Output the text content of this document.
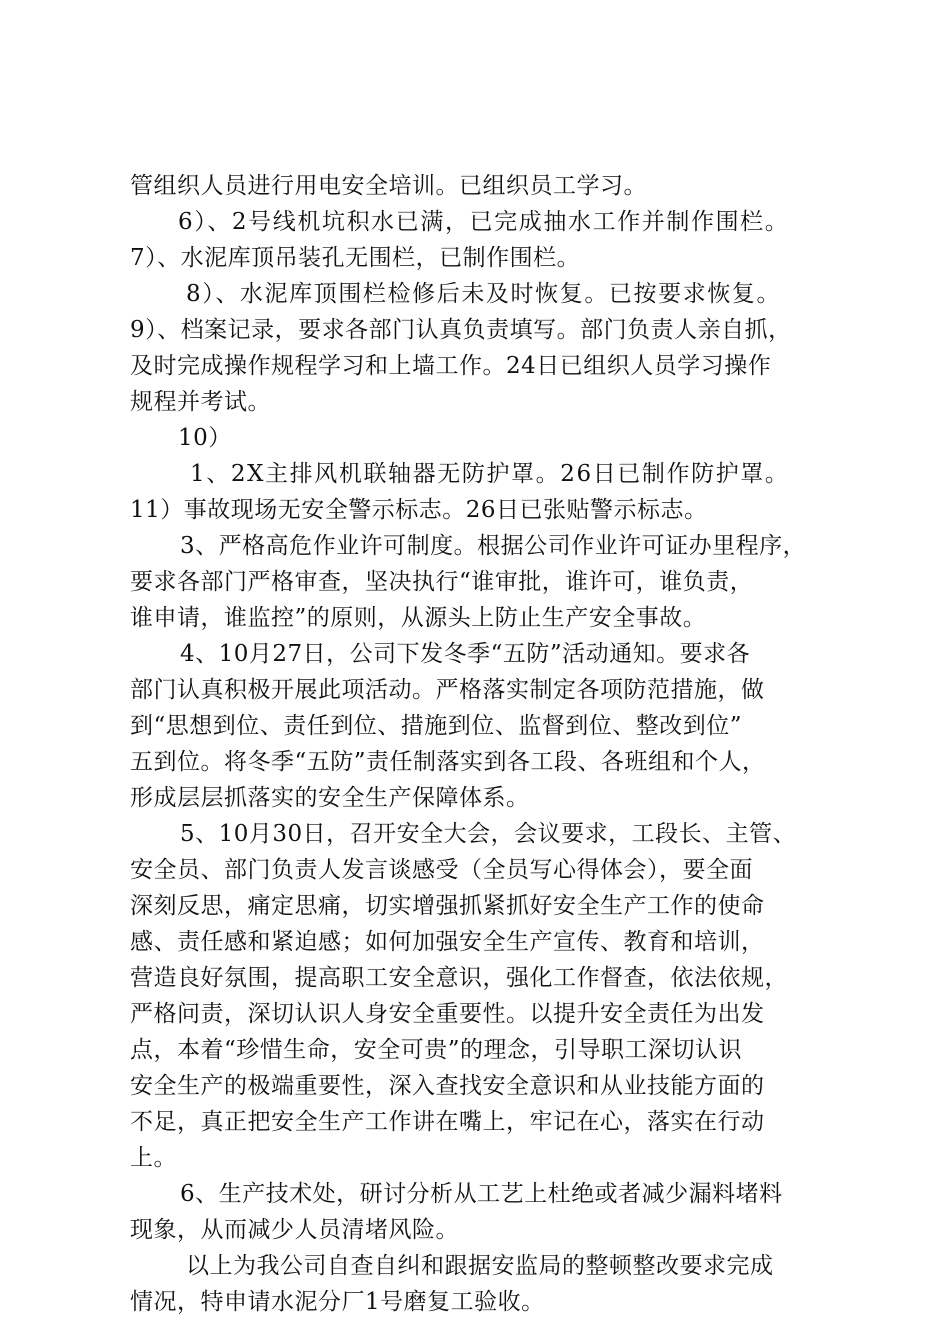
管组织人员进行用电安全培训。已组织员工学习。
6）、2号线机坑积水已满，已完成抽水工作并制作围栏。
7）、水泥库顶吊装孔无围栏，已制作围栏。
8）、水泥库顶围栏检修后未及时恢复。已按要求恢复。
9）、档案记录，要求各部门认真负责填写。部门负责人亲自抓，
及时完成操作规程学习和上墙工作。24日已组织人员学习操作
规程并考试。
10）
1、2X主排风机联轴器无防护罩。26日已制作防护罩。
11）事故现场无安全警示标志。26日已张贴警示标志。
3、严格高危作业许可制度。根据公司作业许可证办里程序，
要求各部门严格审查，坚决执行“谁审批，谁许可，谁负责，
谁申请，谁监控”的原则，从源头上防止生产安全事故。
4、10月27日，公司下发冬季“五防”活动通知。要求各
部门认真积极开展此项活动。严格落实制定各项防范措施，做
到“思想到位、责任到位、措施到位、监督到位、整改到位”
五到位。将冬季“五防”责任制落实到各工段、各班组和个人，
形成层层抓落实的安全生产保障体系。
5、10月30日，召开安全大会，会议要求，工段长、主管、
安全员、部门负责人发言谈感受（全员写心得体会），要全面
深刻反思，痛定思痛，切实增强抓紧抓好安全生产工作的使命
感、责任感和紧迫感；如何加强安全生产宣传、教育和培训，
营造良好氛围，提高职工安全意识，强化工作督查，依法依规，
严格问责，深切认识人身安全重要性。以提升安全责任为出发
点，本着“珍惜生命，安全可贵”的理念，引导职工深切认识
安全生产的极端重要性，深入查找安全意识和从业技能方面的
不足，真正把安全生产工作讲在嘴上，牢记在心，落实在行动
上。
6、生产技术处，研讨分析从工艺上杜绝或者减少漏料堵料
现象，从而减少人员清堵风险。
以上为我公司自查自纠和跟据安监局的整顿整改要求完成
情况，特申请水泥分厂1号磨复工验收。
